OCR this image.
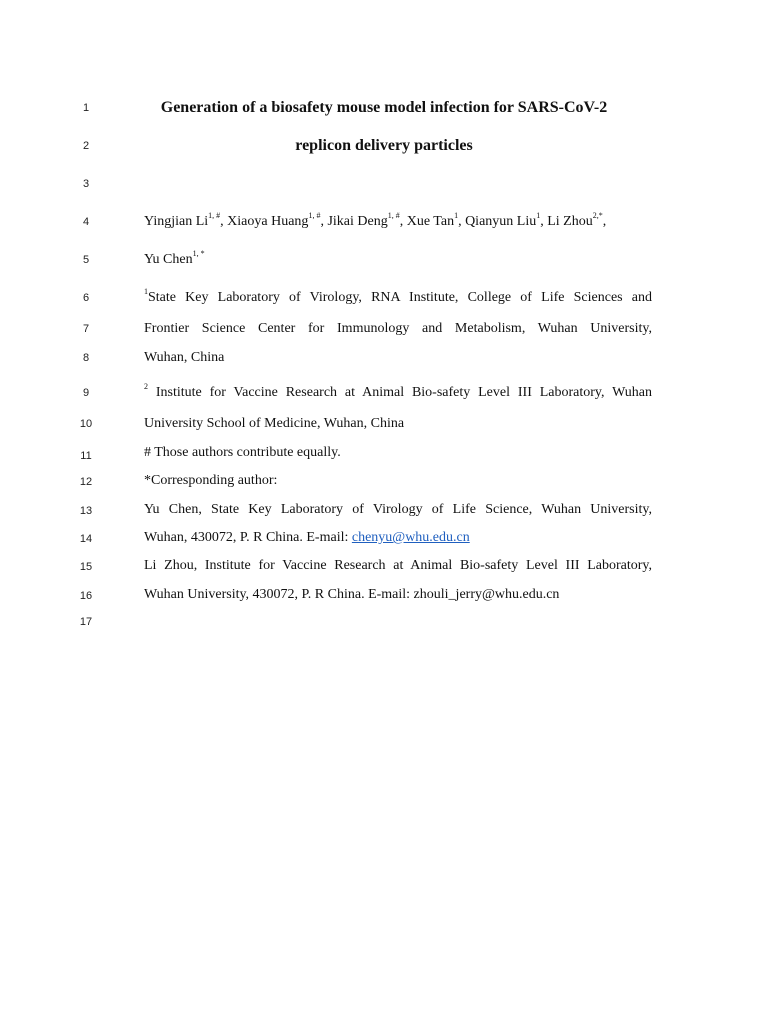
1
2
3
4
5
6
7
8
9
10
11
12
13
14
15
16
17
Generation of a biosafety mouse model infection for SARS-CoV-2
replicon delivery particles
Yingjian $Li^{1, \#}$, Xiaoya Huang$^{1, \#}$, Jikai Deng$^{1, \#}$, Xue Tan$^1$, Qianyun Liu$^1$, Li Zhou$^{2,*}$,
Yu Chen$^{1, *}$
$^1$State Key Laboratory of Virology, RNA Institute, College of Life Sciences and
Frontier Science Center for Immunology and Metabolism, Wuhan University,
Wuhan, China
$^2$ Institute for Vaccine Research at Animal Bio-safety Level III Laboratory, Wuhan
University School of Medicine, Wuhan, China
# Those authors contribute equally.
*Corresponding author:
Yu Chen, State Key Laboratory of Virology of Life Science, Wuhan University,
Wuhan, 430072, P. R China. E-mail: chenyu@whu.edu.cn
Li Zhou, Institute for Vaccine Research at Animal Bio-safety Level III Laboratory,
Wuhan University, 430072, P. R China. E-mail: zhouli_jerry@whu.edu.cn
